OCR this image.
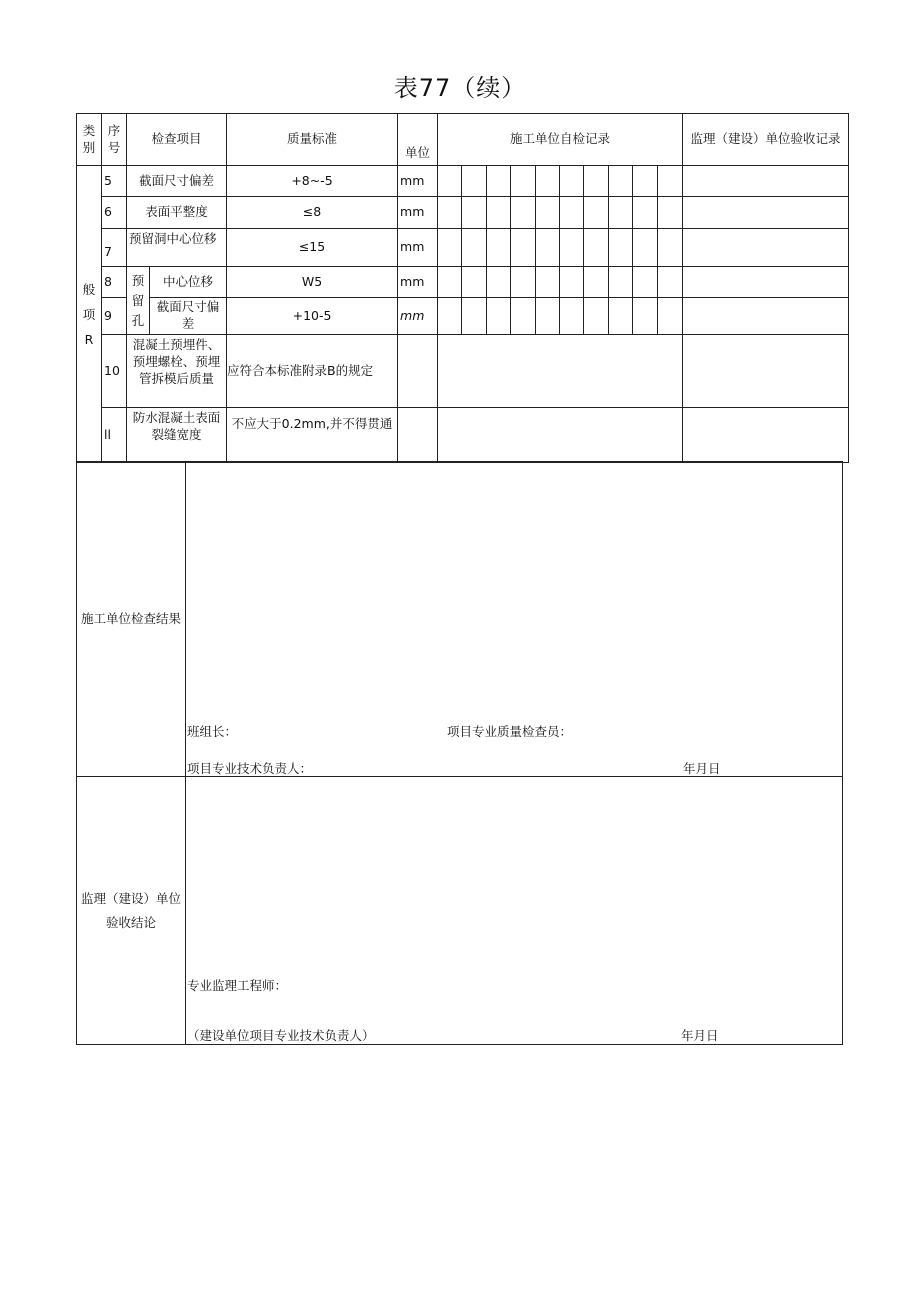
表77（续）
类别	序号	检查项目		质量标准	单位	施工单位自检记录										监理（建设）单位验收记录
般项R	5	截面尺寸偏差		+8~-5	mm											
	6	表面平整度		≤8	mm											
	7	预留洞中心位移		≤15	mm											
	8	预留孔	中心位移	W5	mm											
	9		截面尺寸偏差	+10-5	mm											
	10	混凝土预埋件、预埋螺栓、预埋管拆模后质量		应符合本标准附录B的规定												
	ll	防水混凝土表面裂缝宽度		不应大于0.2mm,并不得贯通												
施工单位检查结果
班组长：	项目专业质量检查员：
项目专业技术负责人：	年月日
监理（建设）单位验收结论
专业监理工程师：
（建设单位项目专业技术负责人）	年月日
